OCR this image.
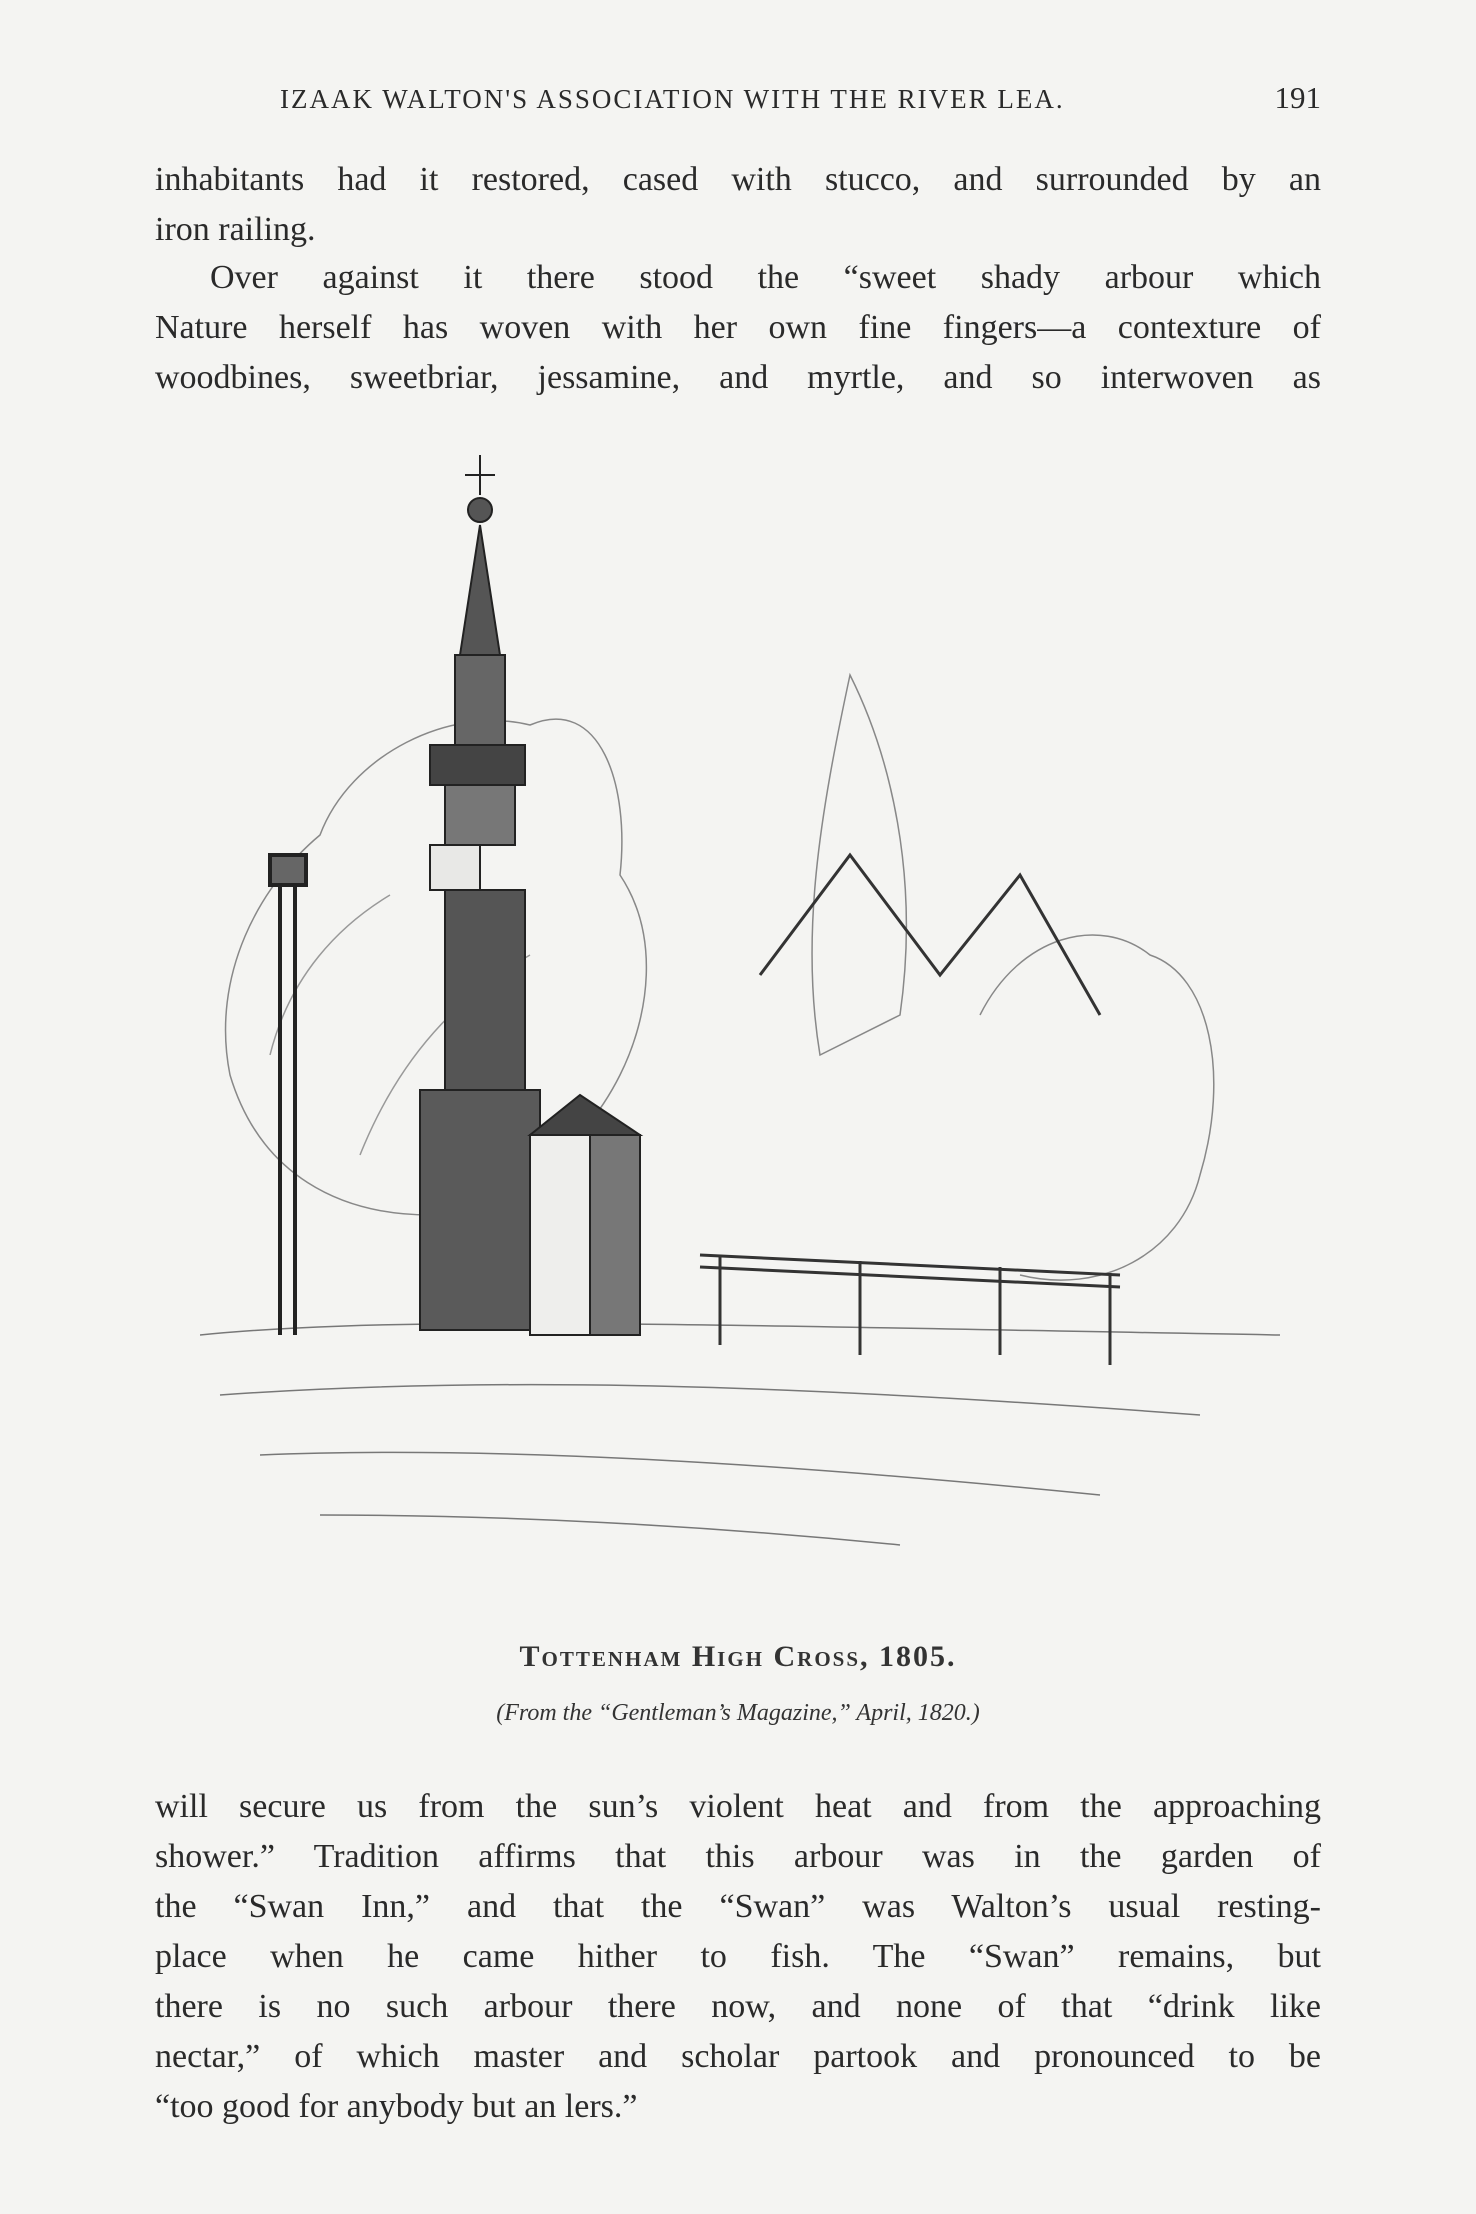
IZAAK WALTON'S ASSOCIATION WITH THE RIVER LEA.	191

inhabitants had it restored, cased with stucco, and surrounded by an
iron railing.

Over against it there stood the “sweet shady arbour which
Nature herself has woven with her own fine fingers—a contexture of
woodbines, sweetbriar, jessamine, and myrtle, and so interwoven as

Tottenham High Cross, 1805.
(From the “Gentleman’s Magazine,” April, 1820.)

will secure us from the sun’s violent heat and from the approaching
shower.” Tradition affirms that this arbour was in the garden of
the “Swan Inn,” and that the “Swan” was Walton’s usual resting-
place when he came hither to fish. The “Swan” remains, but
there is no such arbour there now, and none of that “drink like
nectar,” of which master and scholar partook and pronounced to be
“too good for anybody but an lers.”
